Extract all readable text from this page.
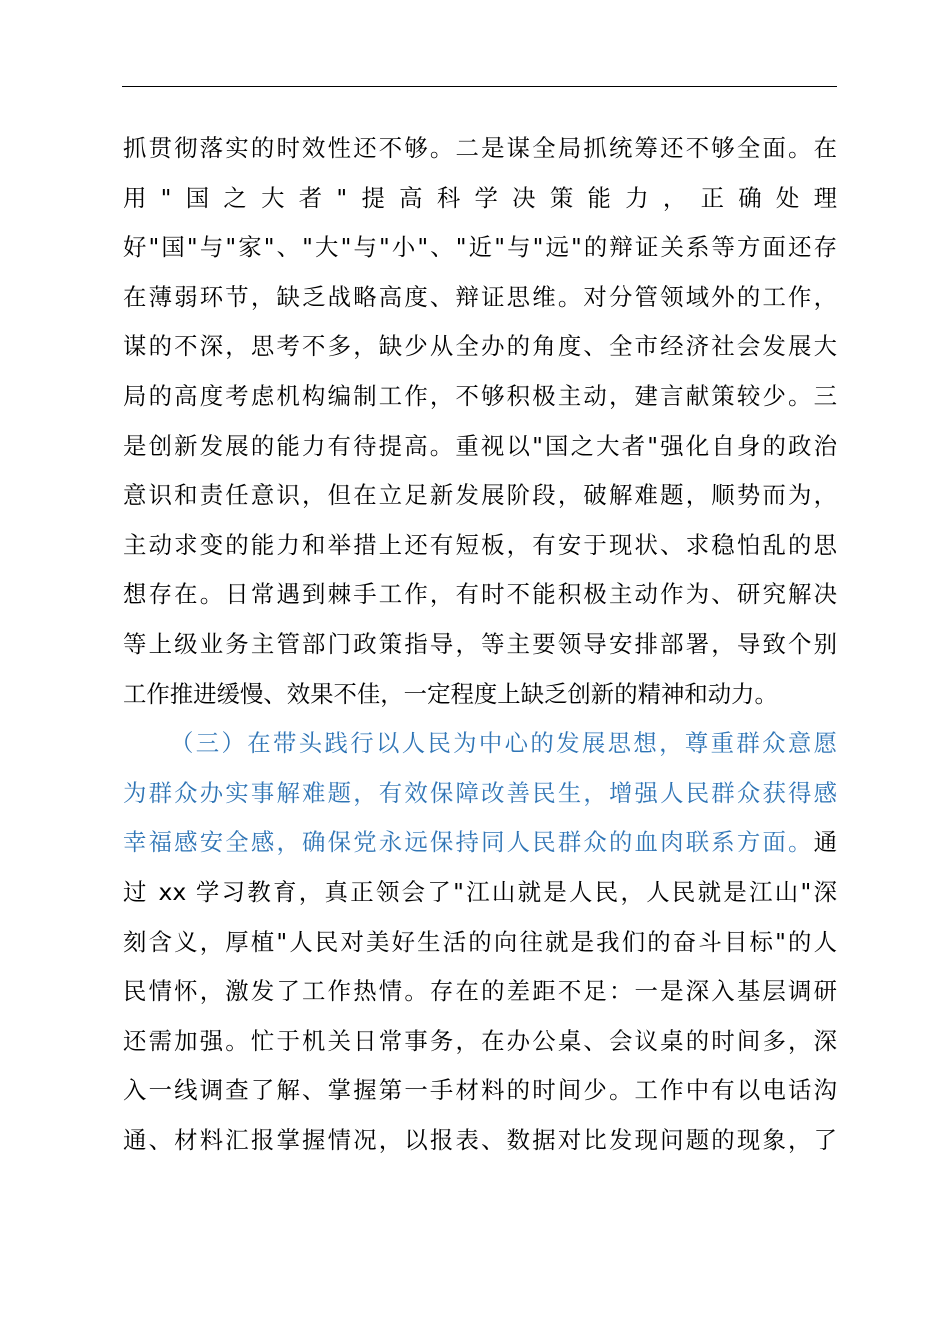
抓贯彻落实的时效性还不够。二是谋全局抓统筹还不够全面。在
用"国之大者"提高科学决策能力，正确处理
好"国"与"家"、"大"与"小"、"近"与"远"的辩证关系等方面还存
在薄弱环节，缺乏战略高度、辩证思维。对分管领域外的工作，
谋的不深，思考不多，缺少从全办的角度、全市经济社会发展大
局的高度考虑机构编制工作，不够积极主动，建言献策较少。三
是创新发展的能力有待提高。重视以"国之大者"强化自身的政治
意识和责任意识，但在立足新发展阶段，破解难题，顺势而为，
主动求变的能力和举措上还有短板，有安于现状、求稳怕乱的思
想存在。日常遇到棘手工作，有时不能积极主动作为、研究解决
等上级业务主管部门政策指导，等主要领导安排部署，导致个别
工作推进缓慢、效果不佳，一定程度上缺乏创新的精神和动力。
（三）在带头践行以人民为中心的发展思想，尊重群众意愿
为群众办实事解难题，有效保障改善民生，增强人民群众获得感
幸福感安全感，确保党永远保持同人民群众的血肉联系方面。通
过 xx 学习教育，真正领会了"江山就是人民，人民就是江山"深
刻含义，厚植"人民对美好生活的向往就是我们的奋斗目标"的人
民情怀，激发了工作热情。存在的差距不足：一是深入基层调研
还需加强。忙于机关日常事务，在办公桌、会议桌的时间多，深
入一线调查了解、掌握第一手材料的时间少。工作中有以电话沟
通、材料汇报掌握情况，以报表、数据对比发现问题的现象，了
